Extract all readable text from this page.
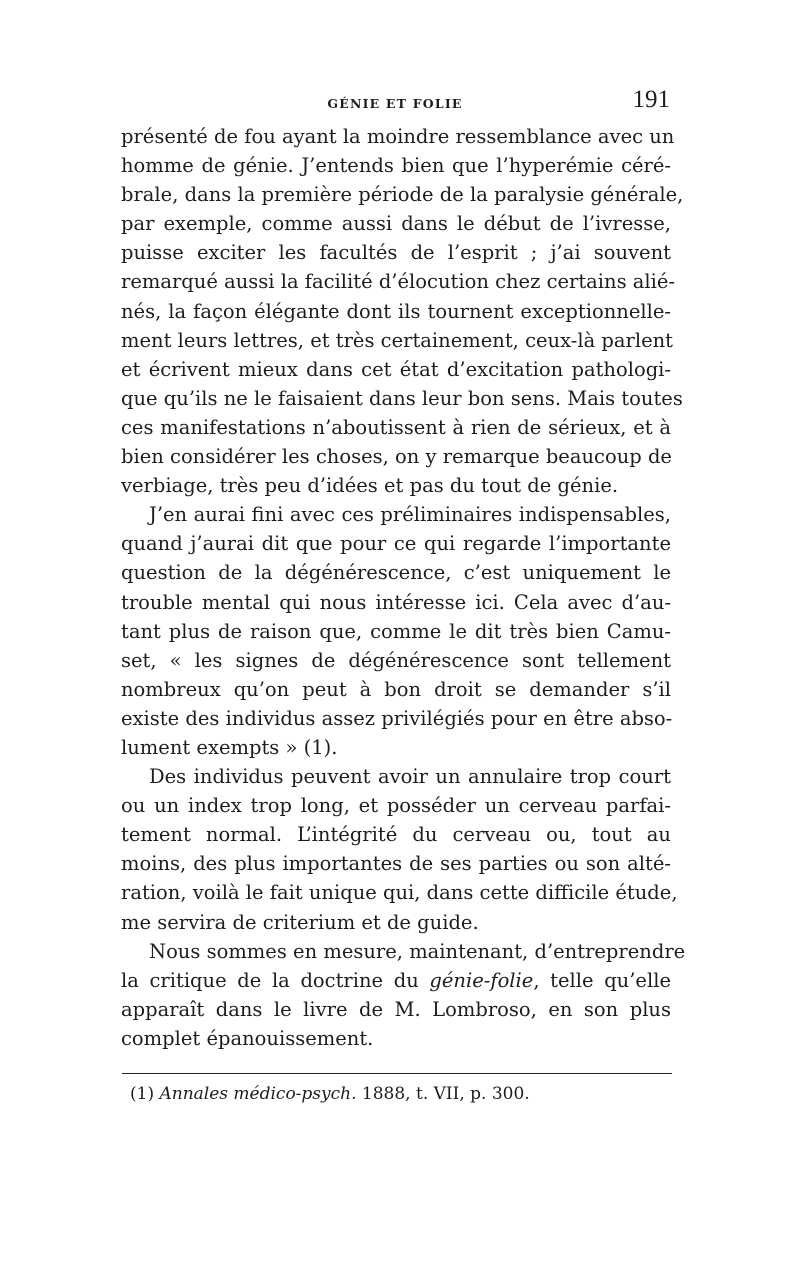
GÉNIE ET FOLIE	191
présenté de fou ayant la moindre ressemblance avec un
homme de génie. J’entends bien que l’hyperémie céré-
brale, dans la première période de la paralysie générale,
par exemple, comme aussi dans le début de l’ivresse,
puisse exciter les facultés de l’esprit ; j’ai souvent
remarqué aussi la facilité d’élocution chez certains alié-
nés, la façon élégante dont ils tournent exceptionnelle-
ment leurs lettres, et très certainement, ceux-là parlent
et écrivent mieux dans cet état d’excitation pathologi-
que qu’ils ne le faisaient dans leur bon sens. Mais toutes
ces manifestations n’aboutissent à rien de sérieux, et à
bien considérer les choses, on y remarque beaucoup de
verbiage, très peu d’idées et pas du tout de génie.
J’en aurai fini avec ces préliminaires indispensables,
quand j’aurai dit que pour ce qui regarde l’importante
question de la dégénérescence, c’est uniquement le
trouble mental qui nous intéresse ici. Cela avec d’au-
tant plus de raison que, comme le dit très bien Camu-
set, « les signes de dégénérescence sont tellement
nombreux qu’on peut à bon droit se demander s’il
existe des individus assez privilégiés pour en être abso-
lument exempts » (1).
Des individus peuvent avoir un annulaire trop court
ou un index trop long, et posséder un cerveau parfai-
tement normal. L’intégrité du cerveau ou, tout au
moins, des plus importantes de ses parties ou son alté-
ration, voilà le fait unique qui, dans cette difficile étude,
me servira de criterium et de guide.
Nous sommes en mesure, maintenant, d’entreprendre
la critique de la doctrine du génie-folie, telle qu’elle
apparaît dans le livre de M. Lombroso, en son plus
complet épanouissement.
(1) Annales médico-psych. 1888, t. VII, p. 300.
